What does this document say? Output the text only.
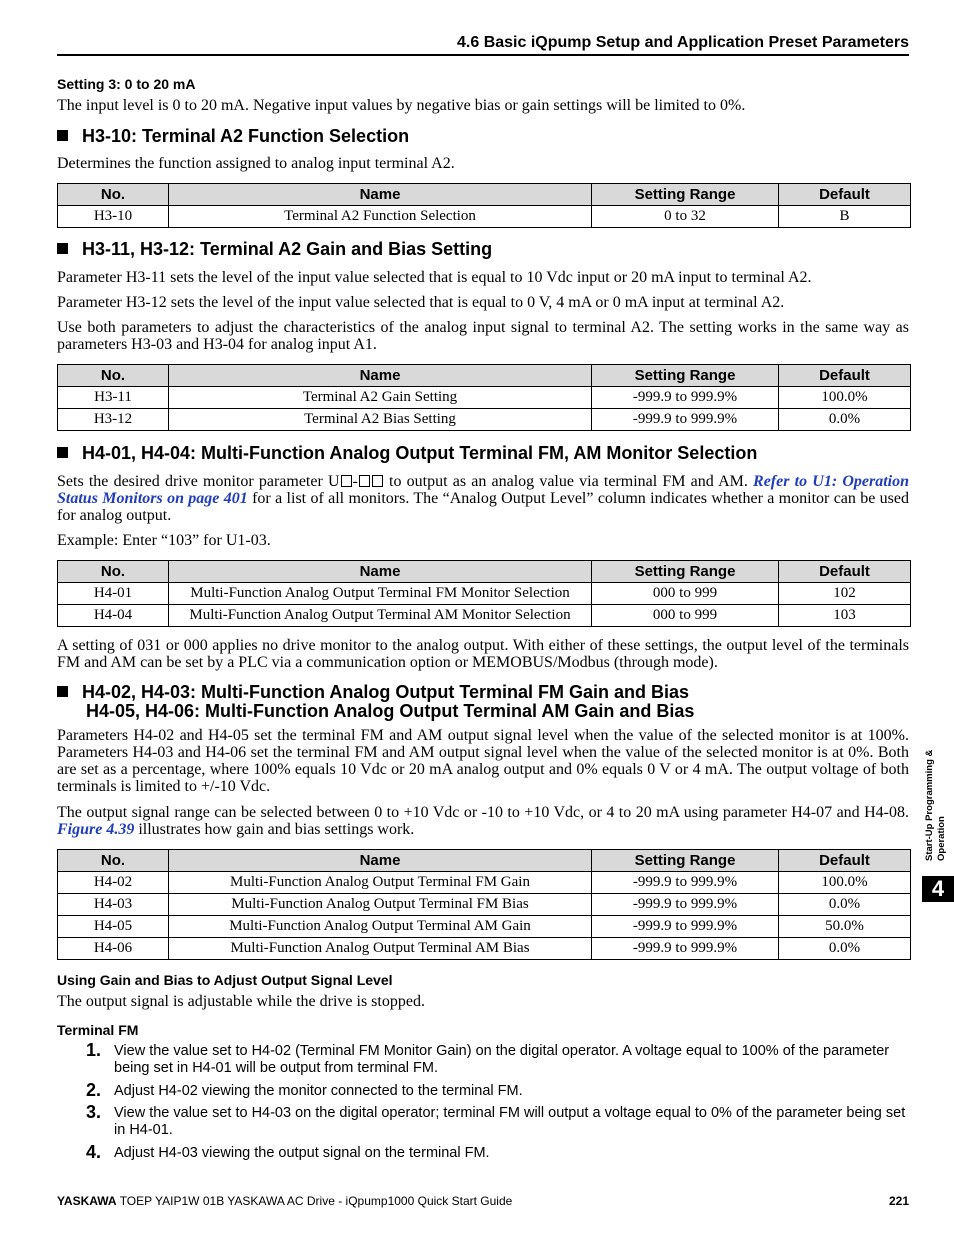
4.6 Basic iQpump Setup and Application Preset Parameters
Setting 3: 0 to 20 mA
The input level is 0 to 20 mA. Negative input values by negative bias or gain settings will be limited to 0%.
H3-10: Terminal A2 Function Selection
Determines the function assigned to analog input terminal A2.
No.	Name	Setting Range	Default
H3-10	Terminal A2 Function Selection	0 to 32	B
H3-11, H3-12: Terminal A2 Gain and Bias Setting
Parameter H3-11 sets the level of the input value selected that is equal to 10 Vdc input or 20 mA input to terminal A2.
Parameter H3-12 sets the level of the input value selected that is equal to 0 V, 4 mA or 0 mA input at terminal A2.
Use both parameters to adjust the characteristics of the analog input signal to terminal A2. The setting works in the same way as parameters H3-03 and H3-04 for analog input A1.
No.	Name	Setting Range	Default
H3-11	Terminal A2 Gain Setting	-999.9 to 999.9%	100.0%
H3-12	Terminal A2 Bias Setting	-999.9 to 999.9%	0.0%
H4-01, H4-04: Multi-Function Analog Output Terminal FM, AM Monitor Selection
Sets the desired drive monitor parameter U - to output as an analog value via terminal FM and AM. Refer to U1: Operation Status Monitors on page 401 for a list of all monitors. The “Analog Output Level” column indicates whether a monitor can be used for analog output.
Example: Enter “103” for U1-03.
No.	Name	Setting Range	Default
H4-01	Multi-Function Analog Output Terminal FM Monitor Selection	000 to 999	102
H4-04	Multi-Function Analog Output Terminal AM Monitor Selection	000 to 999	103
A setting of 031 or 000 applies no drive monitor to the analog output. With either of these settings, the output level of the terminals FM and AM can be set by a PLC via a communication option or MEMOBUS/Modbus (through mode).
H4-02, H4-03: Multi-Function Analog Output Terminal FM Gain and Bias
H4-05, H4-06: Multi-Function Analog Output Terminal AM Gain and Bias
Parameters H4-02 and H4-05 set the terminal FM and AM output signal level when the value of the selected monitor is at 100%. Parameters H4-03 and H4-06 set the terminal FM and AM output signal level when the value of the selected monitor is at 0%. Both are set as a percentage, where 100% equals 10 Vdc or 20 mA analog output and 0% equals 0 V or 4 mA. The output voltage of both terminals is limited to +/-10 Vdc.
The output signal range can be selected between 0 to +10 Vdc or -10 to +10 Vdc, or 4 to 20 mA using parameter H4-07 and H4-08. Figure 4.39 illustrates how gain and bias settings work.
No.	Name	Setting Range	Default
H4-02	Multi-Function Analog Output Terminal FM Gain	-999.9 to 999.9%	100.0%
H4-03	Multi-Function Analog Output Terminal FM Bias	-999.9 to 999.9%	0.0%
H4-05	Multi-Function Analog Output Terminal AM Gain	-999.9 to 999.9%	50.0%
H4-06	Multi-Function Analog Output Terminal AM Bias	-999.9 to 999.9%	0.0%
Using Gain and Bias to Adjust Output Signal Level
The output signal is adjustable while the drive is stopped.
Terminal FM
1. View the value set to H4-02 (Terminal FM Monitor Gain) on the digital operator. A voltage equal to 100% of the parameter being set in H4-01 will be output from terminal FM.
2. Adjust H4-02 viewing the monitor connected to the terminal FM.
3. View the value set to H4-03 on the digital operator; terminal FM will output a voltage equal to 0% of the parameter being set in H4-01.
4. Adjust H4-03 viewing the output signal on the terminal FM.
Start-Up Programming & Operation
4
YASKAWA TOEP YAIP1W 01B YASKAWA AC Drive - iQpump1000 Quick Start Guide	221
